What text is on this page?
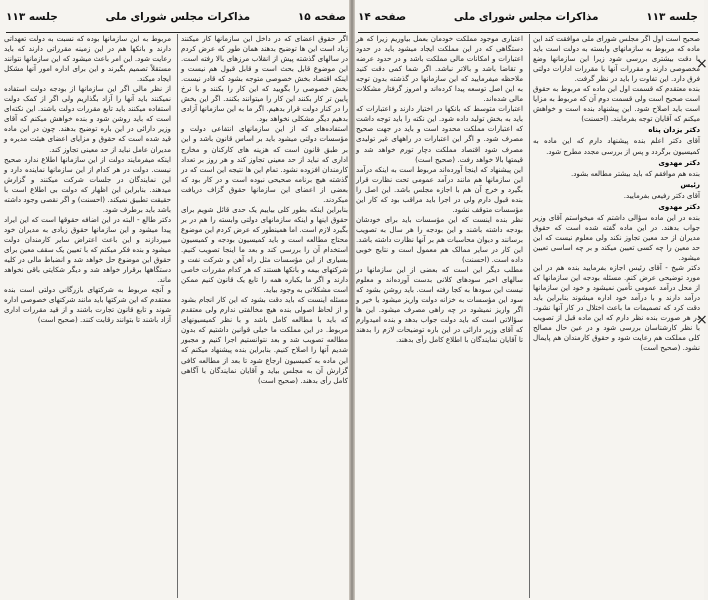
صفحه ۱۵
مذاکرات مجلس شورای ملی
جلسه ۱۱۳

اگر حقوق اعضای که در داخل این سازمانها کار میکنند زیاد است این ها توضیح بدهند همان طور که عرض کردم در سالهای گذشته پیش از انقلاب مرزهای بالا رفته است. این موضوع قابل بحث است و قابل قبول هم نیست و اینکه اقتصاد بخش خصوصی متوجه بشود که قادر نیست. بخش خصوصی را بگویید که این کار را بکنند و با نرخ پایین تر کار بکنند این کار را میتوانند بکنند. اگر این بخش را در کنار دولت قرار بدهیم. اگر ما به این سازمانها آزادی بدهیم دیگر مشکلی نخواهد بود.

استفاده‌های که از این سازمانهای انتفاعی دولت و مؤسسات دولتی میشود باید بر اساس قانون باشد و این بر طبق قانون است که هزینه های کارکنان و مخارج اداری که نباید از حد معینی تجاوز کند و هر روز بر تعداد کارمندان افزوده نشود. تمام این ها نتیجه این است که در گذشته هیچ برنامه صحیحی نبوده است و در کار بود که بعضی از اعضای این سازمانها حقوق گزاف دریافت میکردند.

بنابراین اینکه بطور کلی بیاییم یک حدی قائل شویم برای حقوق اینها و اینکه سازمانهای دولتی وابسته را هم در بر بگیرد لازم است. اما همینطور که عرض کردم این موضوع محتاج مطالعه است و باید کمیسیون بودجه و کمیسیون استخدام آن را بررسی کند و بعد ما اینجا تصویب کنیم. بسیاری از این مؤسسات مثل راه آهن و شرکت نفت و شرکتهای بیمه و بانکها هستند که هر کدام مقررات خاصی دارند و اگر ما یکباره همه را تابع یک قانون کنیم ممکن است مشکلاتی به وجود بیاید.

مسئله اینست که باید دقت بشود که این کار انجام بشود و از لحاظ اصولی بنده هیچ مخالفتی ندارم ولی معتقدم که باید با مطالعه کامل باشد و با نظر کمیسیونهای مربوط. در این مملکت ما خیلی قوانین داشتیم که بدون مطالعه تصویب شد و بعد نتوانستیم اجرا کنیم و مجبور شدیم آنها را اصلاح کنیم. بنابراین بنده پیشنهاد میکنم که این ماده به کمیسیون ارجاع شود تا بعد از مطالعه کافی گزارش آن به مجلس بیاید و آقایان نمایندگان با آگاهی کامل رأی بدهند. (صحیح است)

مربوط به این سازمانها بوده که نسبت به دولت تعهداتی دارند و بانکها هم در این زمینه مقرراتی دارند که باید رعایت شود. این امر باعث میشود که این سازمانها نتوانند مستقلاً تصمیم بگیرند و این برای اداره امور آنها مشکل ایجاد میکند.

از نظر مالی اگر این سازمانها از بودجه دولت استفاده نمیکنند باید آنها را آزاد بگذاریم ولی اگر از کمک دولت استفاده میکنند باید تابع مقررات دولت باشند. این نکته‌ای است که باید روشن شود و بنده خواهش میکنم که آقای وزیر دارائی در این باره توضیح بدهند. چون در این ماده قید شده است که حقوق و مزایای اعضای هیئت مدیره و مدیران عامل نباید از حد معینی تجاوز کند.

اینکه میفرمایند دولت از این سازمانها اطلاع ندارد صحیح نیست. دولت در هر کدام از این سازمانها نماینده دارد و این نمایندگان در جلسات شرکت میکنند و گزارش میدهند. بنابراین این اظهار که دولت بی اطلاع است با حقیقت تطبیق نمیکند. (احسنت) و اگر نقصی وجود داشته باشد باید برطرف شود.

دکتر طالع - البته در این اضافه حقوقها است که این ایراد پیدا میشود و این سازمانها حقوق زیادی به مدیران خود میپردازند و این باعث اعتراض سایر کارمندان دولت میشود و بنده فکر میکنم که با تعیین یک سقف معین برای حقوق این موضوع حل خواهد شد و انضباط مالی در کلیه دستگاهها برقرار خواهد شد و دیگر شکایتی باقی نخواهد ماند.

و آنچه مربوط به شرکتهای بازرگانی دولتی است بنده معتقدم که این شرکتها باید مانند شرکتهای خصوصی اداره شوند و تابع قانون تجارت باشند و از قید مقررات اداری آزاد باشند تا بتوانند رقابت کنند. (صحیح است)

جلسه ۱۱۳
مذاکرات مجلس شورای ملی
صفحه ۱۴

صحیح است اول اگر مجلس شورای ملی موافقت کند این ماده که مربوط به سازمانهای وابسته به دولت است باید با دقت بیشتری بررسی شود زیرا این سازمانها وضع مخصوصی دارند و مقررات آنها با مقررات ادارات دولتی فرق دارد. این تفاوت را باید در نظر گرفت.

بنده معتقدم که قسمت اول این ماده که مربوط به حقوق است صحیح است ولی قسمت دوم آن که مربوط به مزایا است باید اصلاح شود. این پیشنهاد بنده است و خواهش میکنم که آقایان توجه بفرمایند. (احسنت)

دکتر یزدان پناه

آقای دکتر اعلم بنده پیشنهاد دارم که این ماده به کمیسیون برگردد و پس از بررسی مجدد مطرح شود.

دکتر مهدوی

بنده هم موافقم که باید بیشتر مطالعه بشود.

رئیس

آقای دکتر رفیعی بفرمایید.

دکتر مهدوی

بنده در این ماده سؤالی داشتم که میخواستم آقای وزیر جواب بدهند. در این ماده گفته شده است که حقوق مدیران از حد معین تجاوز نکند ولی معلوم نیست که این حد معین را چه کسی تعیین میکند و بر چه اساسی تعیین میشود.

دکتر شیخ - آقای رئیس اجازه بفرمایید بنده هم در این مورد توضیحی عرض کنم. مسئله بودجه این سازمانها که از محل درآمد عمومی تأمین نمیشود و خود این سازمانها درآمد دارند و با درآمد خود اداره میشوند بنابراین باید دقت کرد که تصمیمات ما باعث اختلال در کار آنها نشود. در هر صورت بنده نظر دارم که این ماده قبل از تصویب با نظر کارشناسان بررسی شود و در عین حال مصالح کلی مملکت هم رعایت شود و حقوق کارمندان هم پایمال نشود. (صحیح است)

اعتباری موجود مملکت خودمان بعمل بیاوریم زیرا که هر دستگاهی که در این مملکت ایجاد میشود باید در حدود اعتبارات و امکانات مالی مملکت باشد و در حدود عرضه و تقاضا باشد و بالاتر نباشد. اگر شما کمی دقت کنید ملاحظه میفرمایید که این سازمانها در گذشته بدون توجه به این اصل توسعه پیدا کرده‌اند و امروز گرفتار مشکلات مالی شده‌اند.

اعتبارات متوسط که بانکها در اختیار دارند و اعتبارات که باید به بخش تولید داده شود. این نکته را باید توجه داشت که اعتبارات مملکت محدود است و باید در جهت صحیح مصرف شود. و اگر این اعتبارات در راههای غیر تولیدی مصرف شود اقتصاد مملکت دچار تورم خواهد شد و قیمتها بالا خواهد رفت. (صحیح است)

این پیشنهاد که اینجا آورده‌اند مربوط است به اینکه درآمد این سازمانها هم مانند درآمد عمومی تحت نظارت قرار بگیرد و خرج آن هم با اجازه مجلس باشد. این اصل را بنده قبول دارم ولی در اجرا باید مراقب بود که کار این مؤسسات متوقف نشود.

نظر بنده اینست که این مؤسسات باید برای خودشان بودجه داشته باشند و این بودجه را هر سال به تصویب برسانند و دیوان محاسبات هم بر آنها نظارت داشته باشد. این کار در سایر ممالک هم معمول است و نتایج خوبی داده است. (احسنت)

مطلب دیگر این است که بعضی از این سازمانها در سالهای اخیر سودهای کلانی بدست آورده‌اند و معلوم نیست این سودها به کجا رفته است. باید روشن بشود که سود این مؤسسات به خزانه دولت واریز میشود یا خیر و اگر واریز نمیشود در چه راهی مصرف میشود. این ها سؤالاتی است که باید دولت جواب بدهد و بنده امیدوارم که آقای وزیر دارائی در این باره توضیحات لازم را بدهند تا آقایان نمایندگان با اطلاع کامل رأی بدهند.

×
×
